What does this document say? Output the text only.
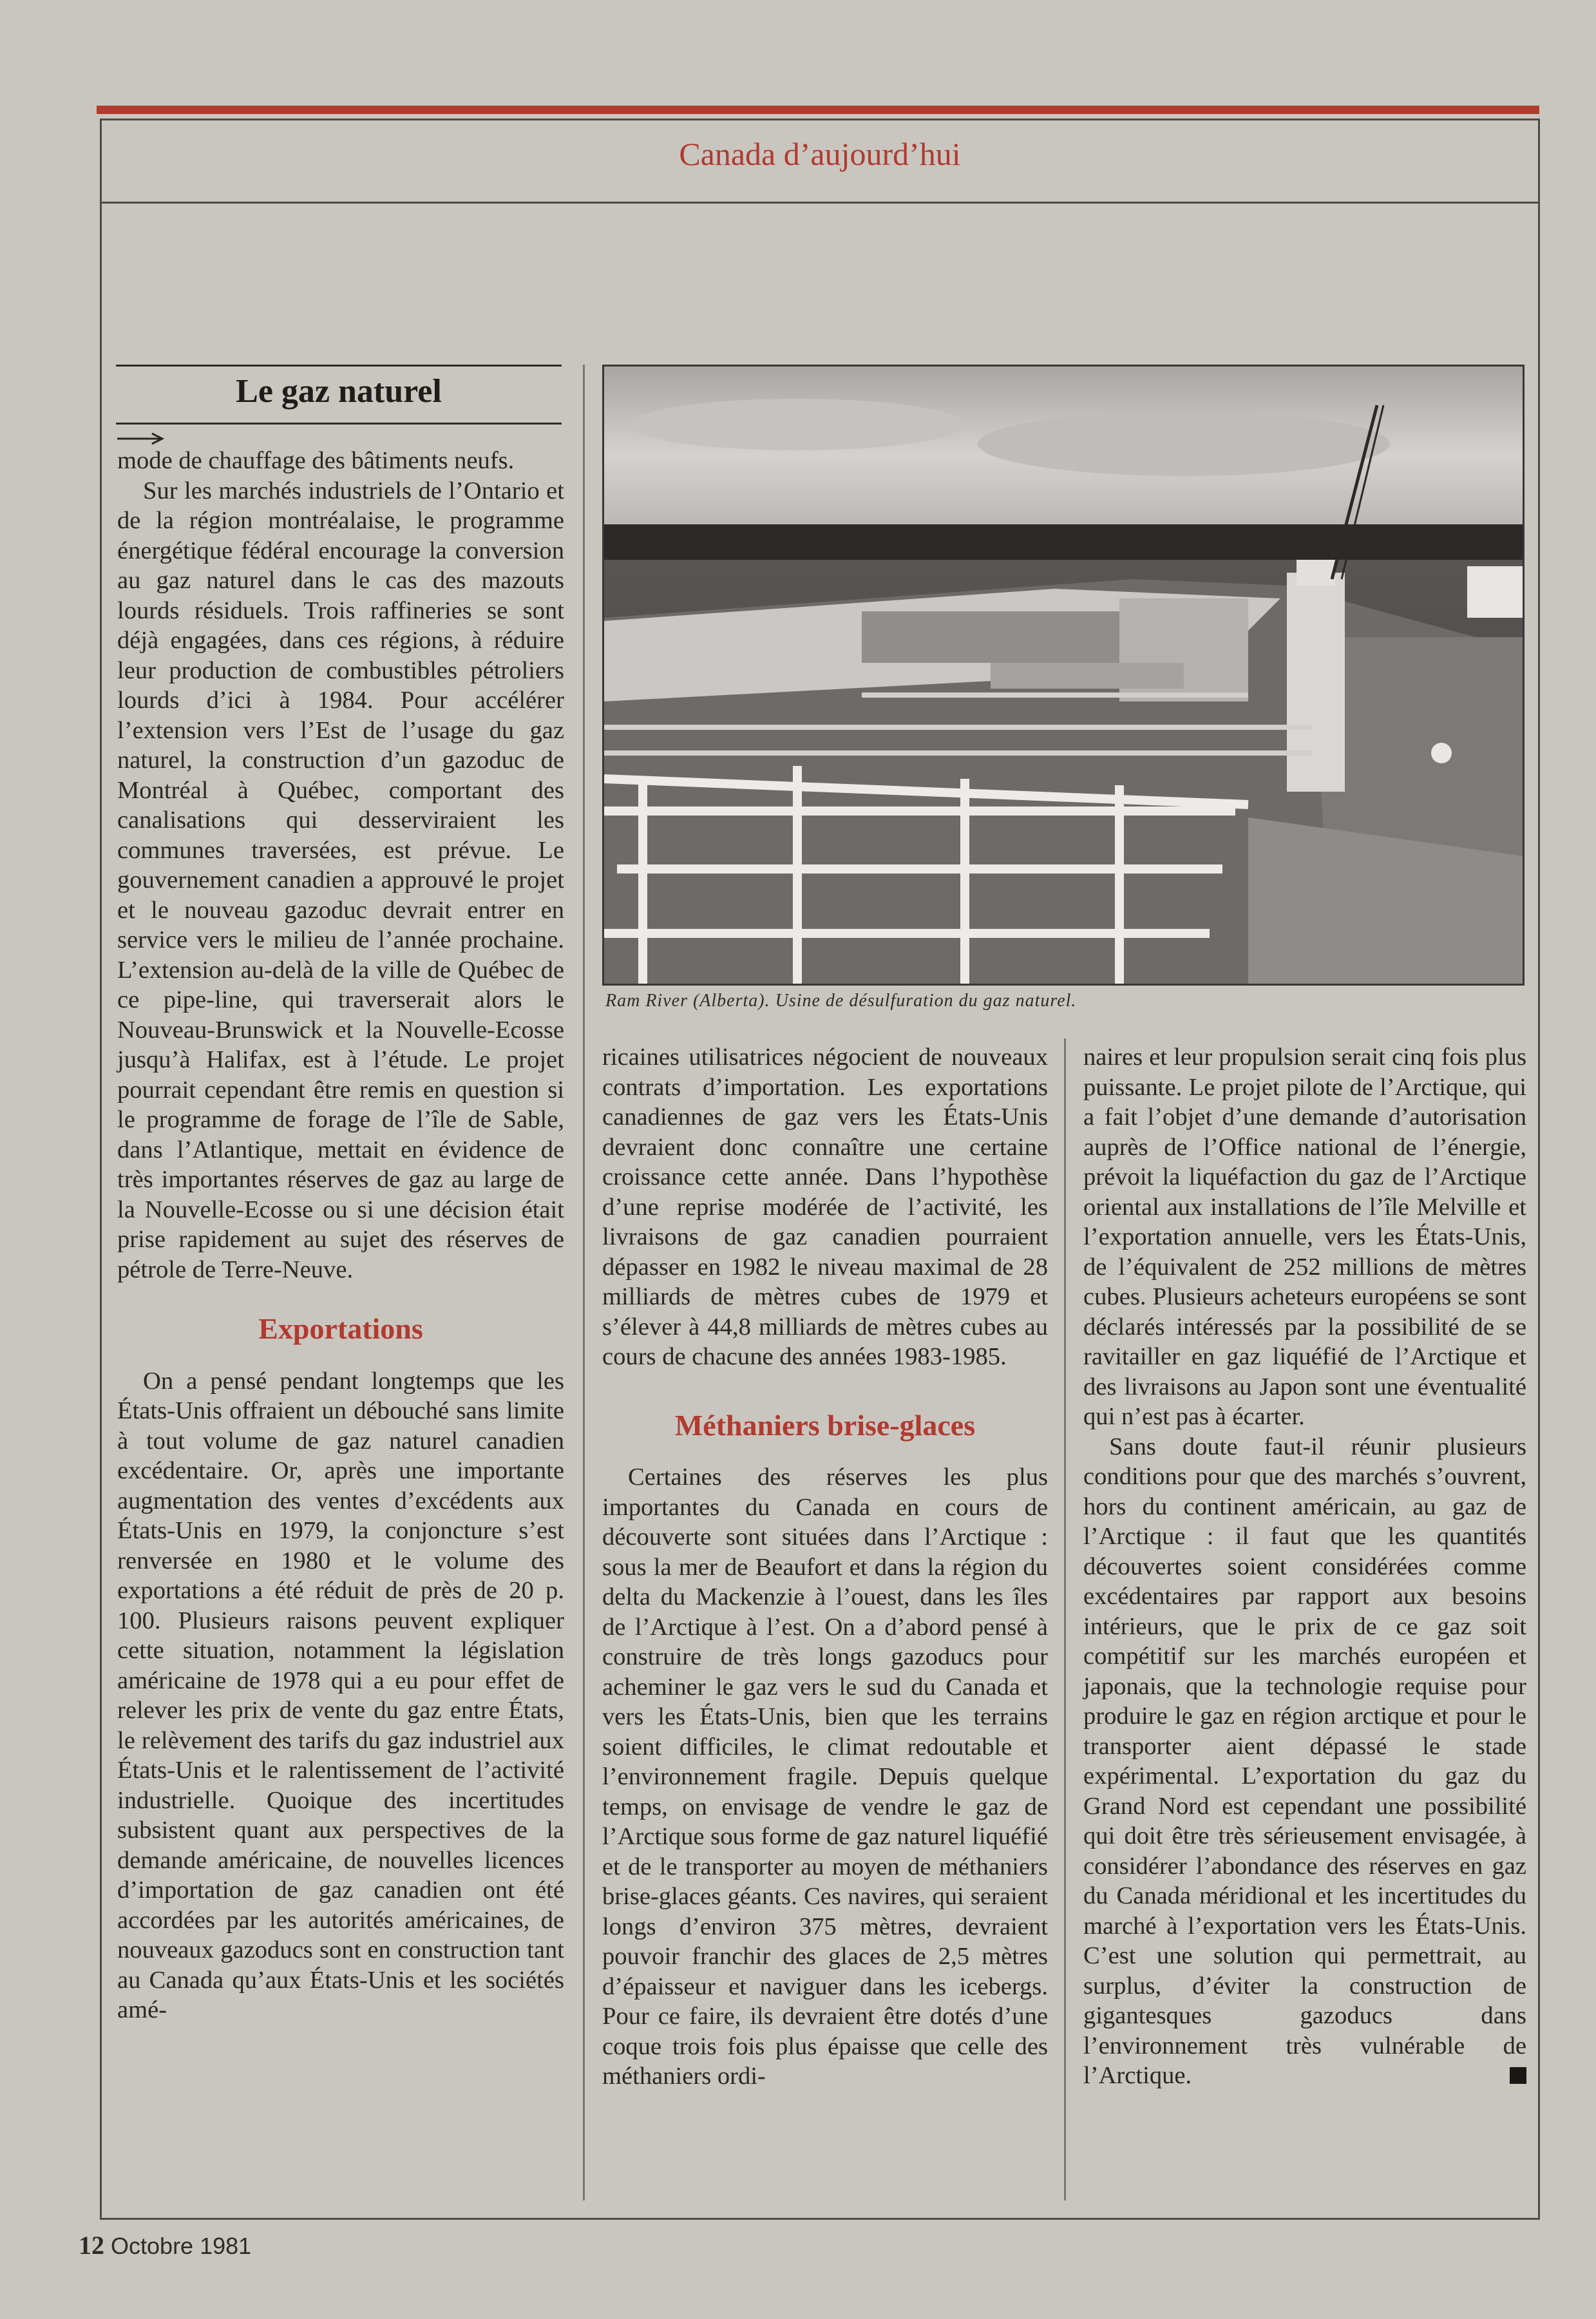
Canada d’aujourd’hui
Le gaz naturel

mode de chauffage des bâtiments neufs.

Sur les marchés industriels de l’Ontario et de la région montréalaise, le programme énergétique fédéral encourage la conversion au gaz naturel dans le cas des mazouts lourds résiduels. Trois raffineries se sont déjà engagées, dans ces régions, à réduire leur production de combustibles pétroliers lourds d’ici à 1984. Pour accélérer l’extension vers l’Est de l’usage du gaz naturel, la construction d’un gazoduc de Montréal à Québec, comportant des canalisations qui desserviraient les communes traversées, est prévue. Le gouvernement canadien a approuvé le projet et le nouveau gazoduc devrait entrer en service vers le milieu de l’année prochaine. L’extension au-delà de la ville de Québec de ce pipe-line, qui traverserait alors le Nouveau-Brunswick et la Nouvelle-Ecosse jusqu’à Halifax, est à l’étude. Le projet pourrait cependant être remis en question si le programme de forage de l’île de Sable, dans l’Atlantique, mettait en évidence de très importantes réserves de gaz au large de la Nouvelle-Ecosse ou si une décision était prise rapidement au sujet des réserves de pétrole de Terre-Neuve.

Exportations

On a pensé pendant longtemps que les États-Unis offraient un débouché sans limite à tout volume de gaz naturel canadien excédentaire. Or, après une importante augmentation des ventes d’excédents aux États-Unis en 1979, la conjoncture s’est renversée en 1980 et le volume des exportations a été réduit de près de 20 p. 100. Plusieurs raisons peuvent expliquer cette situation, notamment la législation américaine de 1978 qui a eu pour effet de relever les prix de vente du gaz entre États, le relèvement des tarifs du gaz industriel aux États-Unis et le ralentissement de l’activité industrielle. Quoique des incertitudes subsistent quant aux perspectives de la demande américaine, de nouvelles licences d’importation de gaz canadien ont été accordées par les autorités américaines, de nouveaux gazoducs sont en construction tant au Canada qu’aux États-Unis et les sociétés amé-

Ram River (Alberta). Usine de désulfuration du gaz naturel.

ricaines utilisatrices négocient de nouveaux contrats d’importation. Les exportations canadiennes de gaz vers les États-Unis devraient donc connaître une certaine croissance cette année. Dans l’hypothèse d’une reprise modérée de l’activité, les livraisons de gaz canadien pourraient dépasser en 1982 le niveau maximal de 28 milliards de mètres cubes de 1979 et s’élever à 44,8 milliards de mètres cubes au cours de chacune des années 1983-1985.

Méthaniers brise-glaces

Certaines des réserves les plus importantes du Canada en cours de découverte sont situées dans l’Arctique : sous la mer de Beaufort et dans la région du delta du Mackenzie à l’ouest, dans les îles de l’Arctique à l’est. On a d’abord pensé à construire de très longs gazoducs pour acheminer le gaz vers le sud du Canada et vers les États-Unis, bien que les terrains soient difficiles, le climat redoutable et l’environnement fragile. Depuis quelque temps, on envisage de vendre le gaz de l’Arctique sous forme de gaz naturel liquéfié et de le transporter au moyen de méthaniers brise-glaces géants. Ces navires, qui seraient longs d’environ 375 mètres, devraient pouvoir franchir des glaces de 2,5 mètres d’épaisseur et naviguer dans les icebergs. Pour ce faire, ils devraient être dotés d’une coque trois fois plus épaisse que celle des méthaniers ordi-

naires et leur propulsion serait cinq fois plus puissante. Le projet pilote de l’Arctique, qui a fait l’objet d’une demande d’autorisation auprès de l’Office national de l’énergie, prévoit la liquéfaction du gaz de l’Arctique oriental aux installations de l’île Melville et l’exportation annuelle, vers les États-Unis, de l’équivalent de 252 millions de mètres cubes. Plusieurs acheteurs européens se sont déclarés intéressés par la possibilité de se ravitailler en gaz liquéfié de l’Arctique et des livraisons au Japon sont une éventualité qui n’est pas à écarter.

Sans doute faut-il réunir plusieurs conditions pour que des marchés s’ouvrent, hors du continent américain, au gaz de l’Arctique : il faut que les quantités découvertes soient considérées comme excédentaires par rapport aux besoins intérieurs, que le prix de ce gaz soit compétitif sur les marchés européen et japonais, que la technologie requise pour produire le gaz en région arctique et pour le transporter aient dépassé le stade expérimental. L’exportation du gaz du Grand Nord est cependant une possibilité qui doit être très sérieusement envisagée, à considérer l’abondance des réserves en gaz du Canada méridional et les incertitudes du marché à l’exportation vers les États-Unis. C’est une solution qui permettrait, au surplus, d’éviter la construction de gigantesques gazoducs dans l’environnement très vulnérable de l’Arctique.

12 Octobre 1981
